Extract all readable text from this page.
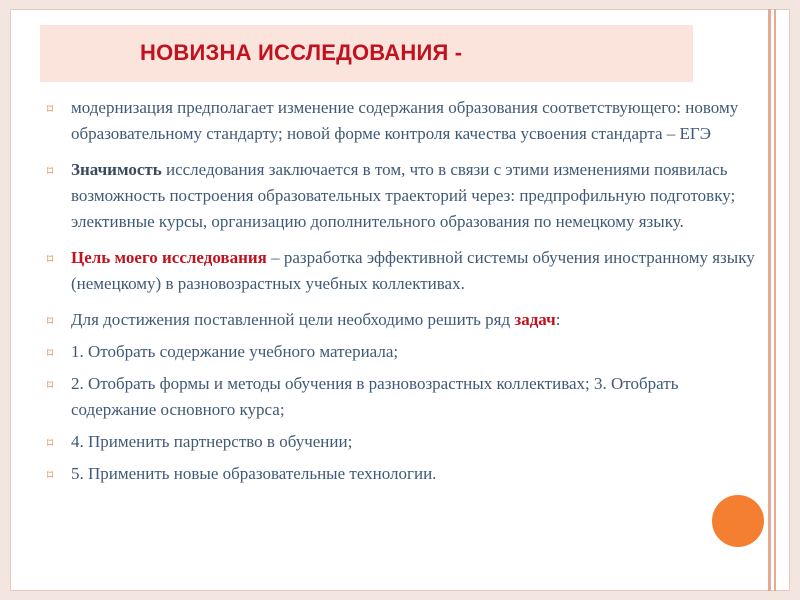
НОВИЗНА ИССЛЕДОВАНИЯ -
⌑ модернизация предполагает изменение содержания образования соответствующего: новому образовательному стандарту; новой форме контроля качества усвоения стандарта – ЕГЭ
⌑ Значимость исследования заключается в том, что в связи с этими изменениями появилась возможность построения образовательных траекторий через: предпрофильную подготовку; элективные курсы, организацию дополнительного образования по немецкому языку.
⌑ Цель моего исследования – разработка эффективной системы обучения иностранному языку (немецкому) в разновозрастных учебных коллективах.
⌑ Для достижения поставленной цели необходимо решить ряд задач:
⌑ 1. Отобрать содержание учебного материала;
⌑ 2. Отобрать формы и методы обучения в разновозрастных коллективах; 3. Отобрать содержание основного курса;
⌑ 4. Применить партнерство в обучении;
⌑ 5. Применить новые образовательные технологии.
